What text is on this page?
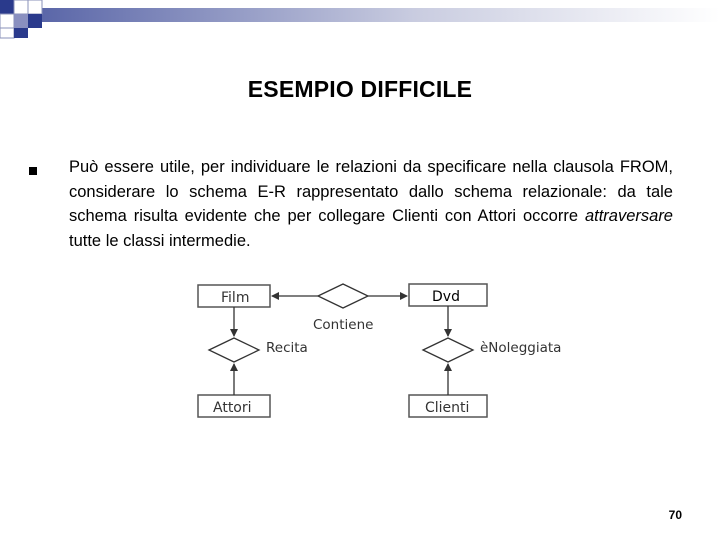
ESEMPIO DIFFICILE

Può essere utile, per individuare le relazioni da specificare nella clausola FROM, considerare lo schema E-R rappresentato dallo schema relazionale: da tale schema risulta evidente che per collegare Clienti con Attori occorre attraversare tutte le classi intermedie.

Film	Dvd
Attori	Clienti
Contiene
Recita	èNoleggiata
70
